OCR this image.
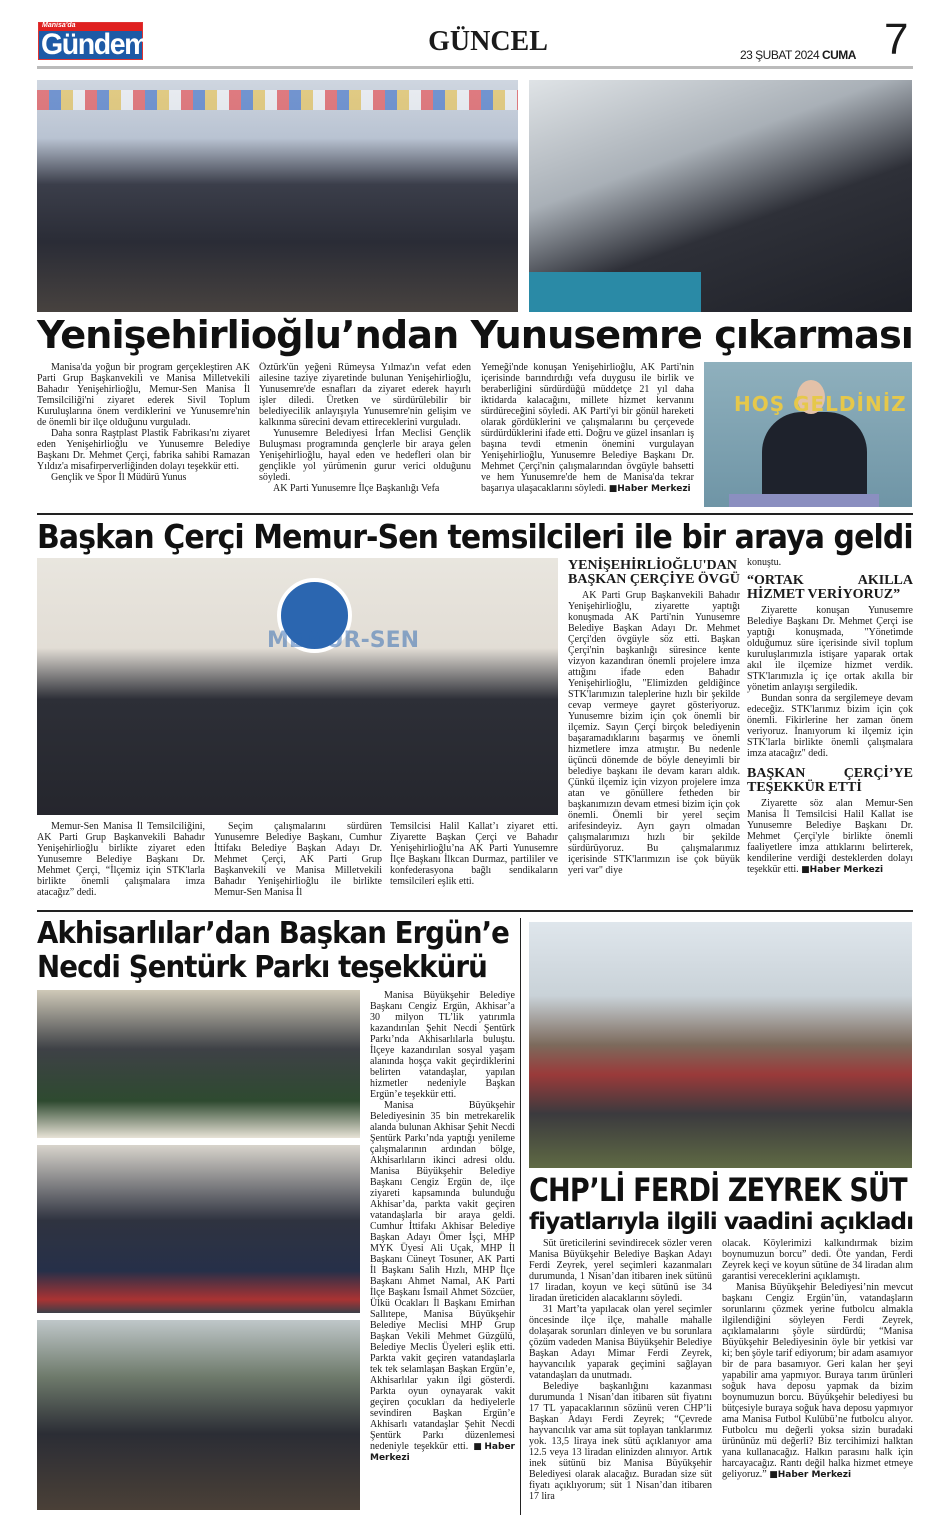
Manisa'da
Gündem	GÜNCEL	23 ŞUBAT 2024 CUMA 7
Yenişehirlioğlu’ndan Yunusemre çıkarması

Manisa'da yoğun bir program gerçekleştiren AK Parti Grup Başkanvekili ve Manisa Milletvekili Bahadır Yenişehirlioğlu, Memur-Sen Manisa İl Temsilciliği'ni ziyaret ederek Sivil Toplum Kuruluşlarına önem verdiklerini ve Yunusemre'nin de önemli bir ilçe olduğunu vurguladı.

Daha sonra Raştplast Plastik Fabrikası'nı ziyaret eden Yenişehirlioğlu ve Yunusemre Belediye Başkanı Dr. Mehmet Çerçi, fabrika sahibi Ramazan Yıldız'a misafirperverliğinden dolayı teşekkür etti.

Gençlik ve Spor İl Müdürü Yunus

Öztürk'ün yeğeni Rümeysa Yılmaz'ın vefat eden ailesine taziye ziyaretinde bulunan Yenişehirlioğlu, Yunusemre'de esnafları da ziyaret ederek hayırlı işler diledi. Üretken ve sürdürülebilir bir belediyecilik anlayışıyla Yunusemre'nin gelişim ve kalkınma sürecini devam ettireceklerini vurguladı.

Yunusemre Belediyesi İrfan Meclisi Gençlik Buluşması programında gençlerle bir araya gelen Yenişehirlioğlu, hayal eden ve hedefleri olan bir gençlikle yol yürümenin gurur verici olduğunu söyledi.

AK Parti Yunusemre İlçe Başkanlığı Vefa

Yemeği'nde konuşan Yenişehirlioğlu, AK Parti'nin içerisinde barındırdığı vefa duygusu ile birlik ve beraberliğini sürdürdüğü müddetçe 21 yıl daha iktidarda kalacağını, millete hizmet kervanını sürdüreceğini söyledi. AK Parti'yi bir gönül hareketi olarak gördüklerini ve çalışmalarını bu çerçevede sürdürdüklerini ifade etti. Doğru ve güzel insanları iş başına tevdi etmenin önemini vurgulayan Yenişehirlioğlu, Yunusemre Belediye Başkanı Dr. Mehmet Çerçi'nin çalışmalarından övgüyle bahsetti ve hem Yunusemre'de hem de Manisa'da tekrar başarıya ulaşacaklarını söyledi. ■ Haber Merkezi

HOŞ GELDİNİZ
Başkan Çerçi Memur-Sen temsilcileri ile bir araya geldi
MEMUR-SEN

Memur-Sen Manisa İl Temsilciliğini, AK Parti Grup Başkanvekili Bahadır Yenişehirlioğlu birlikte ziyaret eden Yunusemre Belediye Başkanı Dr. Mehmet Çerçi, “İlçemiz için STK'larla birlikte önemli çalışmalara imza atacağız” dedi.

Seçim çalışmalarını sürdüren Yunusemre Belediye Başkanı, Cumhur İttifakı Belediye Başkan Adayı Dr. Mehmet Çerçi, AK Parti Grup Başkanvekili ve Manisa Milletvekili Bahadır Yenişehirlioğlu ile birlikte Memur-Sen Manisa İl

Temsilcisi Halil Kallat’ı ziyaret etti. Ziyarette Başkan Çerçi ve Bahadır Yenişehirlioğlu’na AK Parti Yunusemre İlçe Başkanı İlkcan Durmaz, partililer ve konfederasyona bağlı sendikaların temsilcileri eşlik etti.

YENİŞEHİRLİOĞLU'DAN BAŞKAN ÇERÇİYE ÖVGÜ

AK Parti Grup Başkanvekili Bahadır Yenişehirlioğlu, ziyarette yaptığı konuşmada AK Parti'nin Yunusemre Belediye Başkan Adayı Dr. Mehmet Çerçi'den övgüyle söz etti. Başkan Çerçi'nin başkanlığı süresince kente vizyon kazandıran önemli projelere imza attığını ifade eden Bahadır Yenişehirlioğlu, "Elimizden geldiğince STK'larımızın taleplerine hızlı bir şekilde cevap vermeye gayret gösteriyoruz. Yunusemre bizim için çok önemli bir ilçemiz. Sayın Çerçi birçok belediyenin başaramadıklarını başarmış ve önemli hizmetlere imza atmıştır. Bu nedenle üçüncü dönemde de böyle deneyimli bir belediye başkanı ile devam kararı aldık. Çünkü ilçemiz için vizyon projelere imza atan ve gönüllere fetheden bir başkanımızın devam etmesi bizim için çok önemli. Önemli bir yerel seçim arifesindeyiz. Ayrı gayrı olmadan çalışmalarımızı hızlı bir şekilde sürdürüyoruz. Bu çalışmalarımız içerisinde STK'larımızın ise çok büyük yeri var" diye

konuştu.

“ORTAK AKILLA HİZMET VERİYORUZ”

Ziyarette konuşan Yunusemre Belediye Başkanı Dr. Mehmet Çerçi ise yaptığı konuşmada, "Yönetimde olduğumuz süre içerisinde sivil toplum kuruluşlarımızla istişare yaparak ortak akıl ile ilçemize hizmet verdik. STK'larımızla iç içe ortak akılla bir yönetim anlayışı sergiledik.

Bundan sonra da sergilemeye devam edeceğiz. STK'larımız bizim için çok önemli. Fikirlerine her zaman önem veriyoruz. İnanıyorum ki ilçemiz için STK'larla birlikte önemli çalışmalara imza atacağız" dedi.

BAŞKAN ÇERÇİ’YE TEŞEKKÜR ETTİ

Ziyarette söz alan Memur-Sen Manisa İl Temsilcisi Halil Kallat ise Yunusemre Belediye Başkanı Dr. Mehmet Çerçi'yle birlikte önemli faaliyetlere imza attıklarını belirterek, kendilerine verdiği desteklerden dolayı teşekkür etti. ■ Haber Merkezi

Akhisarlılar’dan Başkan Ergün’e
Necdi Şentürk Parkı teşekkürü

Manisa Büyükşehir Belediye Başkanı Cengiz Ergün, Akhisar’a 30 milyon TL’lik yatırımla kazandırılan Şehit Necdi Şentürk Parkı’nda Akhisarlılarla buluştu. İlçeye kazandırılan sosyal yaşam alanında hoşça vakit geçirdiklerini belirten vatandaşlar, yapılan hizmetler nedeniyle Başkan Ergün’e teşekkür etti.

Manisa Büyükşehir Belediyesinin 35 bin metrekarelik alanda bulunan Akhisar Şehit Necdi Şentürk Parkı’nda yaptığı yenileme çalışmalarının ardından bölge, Akhisarlıların ikinci adresi oldu. Manisa Büyükşehir Belediye Başkanı Cengiz Ergün de, ilçe ziyareti kapsamında bulunduğu Akhisar’da, parkta vakit geçiren vatandaşlarla bir araya geldi. Cumhur İttifakı Akhisar Belediye Başkan Adayı Ömer İşçi, MHP MYK Üyesi Ali Uçak, MHP İl Başkanı Cüneyt Tosuner, AK Parti İl Başkanı Salih Hızlı, MHP İlçe Başkanı Ahmet Namal, AK Parti İlçe Başkanı İsmail Ahmet Sözcüer, Ülkü Ocakları İl Başkanı Emirhan Sallıtepe, Manisa Büyükşehir Belediye Meclisi MHP Grup Başkan Vekili Mehmet Güzgülü, Belediye Meclis Üyeleri eşlik etti. Parkta vakit geçiren vatandaşlarla tek tek selamlaşan Başkan Ergün’e, Akhisarlılar yakın ilgi gösterdi. Parkta oyun oynayarak vakit geçiren çocukları da hediyelerle sevindiren Başkan Ergün’e Akhisarlı vatandaşlar Şehit Necdi Şentürk Parkı düzenlemesi nedeniyle teşekkür etti. ■ Haber Merkezi

CHP’Lİ FERDİ ZEYREK SÜT
fiyatlarıyla ilgili vaadini açıkladı

Süt üreticilerini sevindirecek sözler veren Manisa Büyükşehir Belediye Başkan Adayı Ferdi Zeyrek, yerel seçimleri kazanmaları durumunda, 1 Nisan’dan itibaren inek sütünü 17 liradan, koyun ve keçi sütünü ise 34 liradan üreticiden alacaklarını söyledi.

31 Mart’ta yapılacak olan yerel seçimler öncesinde ilçe ilçe, mahalle mahalle dolaşarak sorunları dinleyen ve bu sorunlara çözüm vadeden Manisa Büyükşehir Belediye Başkan Adayı Mimar Ferdi Zeyrek, hayvancılık yaparak geçimini sağlayan vatandaşları da unutmadı.

Belediye başkanlığını kazanması durumunda 1 Nisan’dan itibaren süt fiyatını 17 TL yapacaklarının sözünü veren CHP’li Başkan Adayı Ferdi Zeyrek; “Çevrede hayvancılık var ama süt toplayan tanklarımız yok. 13,5 liraya inek sütü açıklanıyor ama 12.5 veya 13 liradan elinizden alınıyor. Artık inek sütünü biz Manisa Büyükşehir Belediyesi olarak alacağız. Buradan size süt fiyatı açıklıyorum; süt 1 Nisan’dan itibaren 17 lira

olacak. Köylerimizi kalkındırmak bizim boynumuzun borcu” dedi. Öte yandan, Ferdi Zeyrek keçi ve koyun sütüne de 34 liradan alım garantisi vereceklerini açıklamıştı.

Manisa Büyükşehir Belediyesi’nin mevcut başkanı Cengiz Ergün’ün, vatandaşların sorunlarını çözmek yerine futbolcu almakla ilgilendiğini söyleyen Ferdi Zeyrek, açıklamalarını şöyle sürdürdü; “Manisa Büyükşehir Belediyesinin öyle bir yetkisi var ki; ben şöyle tarif ediyorum; bir adam asamıyor bir de para basamıyor. Geri kalan her şeyi yapabilir ama yapmıyor. Buraya tarım ürünleri soğuk hava deposu yapmak da bizim boynumuzun borcu. Büyükşehir belediyesi bu bütçesiyle buraya soğuk hava deposu yapmıyor ama Manisa Futbol Kulübü’ne futbolcu alıyor. Futbolcu mu değerli yoksa sizin buradaki ürününüz mü değerli? Biz tercihimizi halktan yana kullanacağız. Halkın parasını halk için harcayacağız. Rantı değil halka hizmet etmeye geliyoruz.” ■ Haber Merkezi
